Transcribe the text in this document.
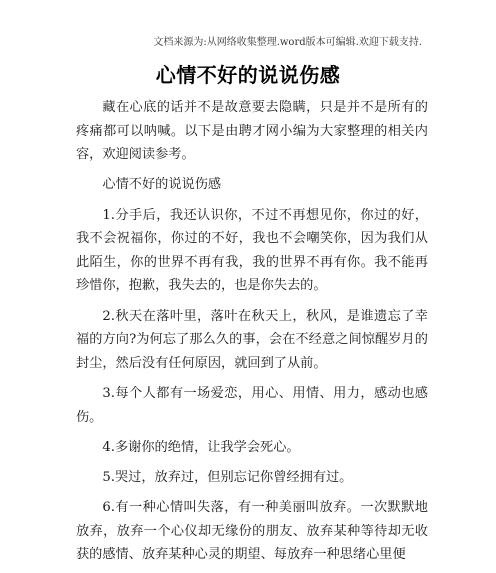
文档来源为:从网络收集整理.word版本可编辑.欢迎下载支持.
心情不好的说说伤感

藏在心底的话并不是故意要去隐瞒，只是并不是所有的疼痛都可以呐喊。以下是由聘才网小编为大家整理的相关内容，欢迎阅读参考。

心情不好的说说伤感

1.分手后，我还认识你，不过不再想见你，你过的好，我不会祝福你，你过的不好，我也不会嘲笑你，因为我们从此陌生，你的世界不再有我，我的世界不再有你。我不能再珍惜你，抱歉，我失去的，也是你失去的。

2.秋天在落叶里，落叶在秋天上，秋风，是谁遗忘了幸福的方向?为何忘了那么久的事，会在不经意之间惊醒岁月的封尘，然后没有任何原因，就回到了从前。

3.每个人都有一场爱恋，用心、用情、用力，感动也感伤。

4.多谢你的绝情，让我学会死心。

5.哭过，放弃过，但别忘记你曾经拥有过。

6.有一种心情叫失落，有一种美丽叫放弃。一次默默地放弃，放弃一个心仪却无缘份的朋友、放弃某种等待却无收获的感情、放弃某种心灵的期望、每放弃一种思绪心里便
